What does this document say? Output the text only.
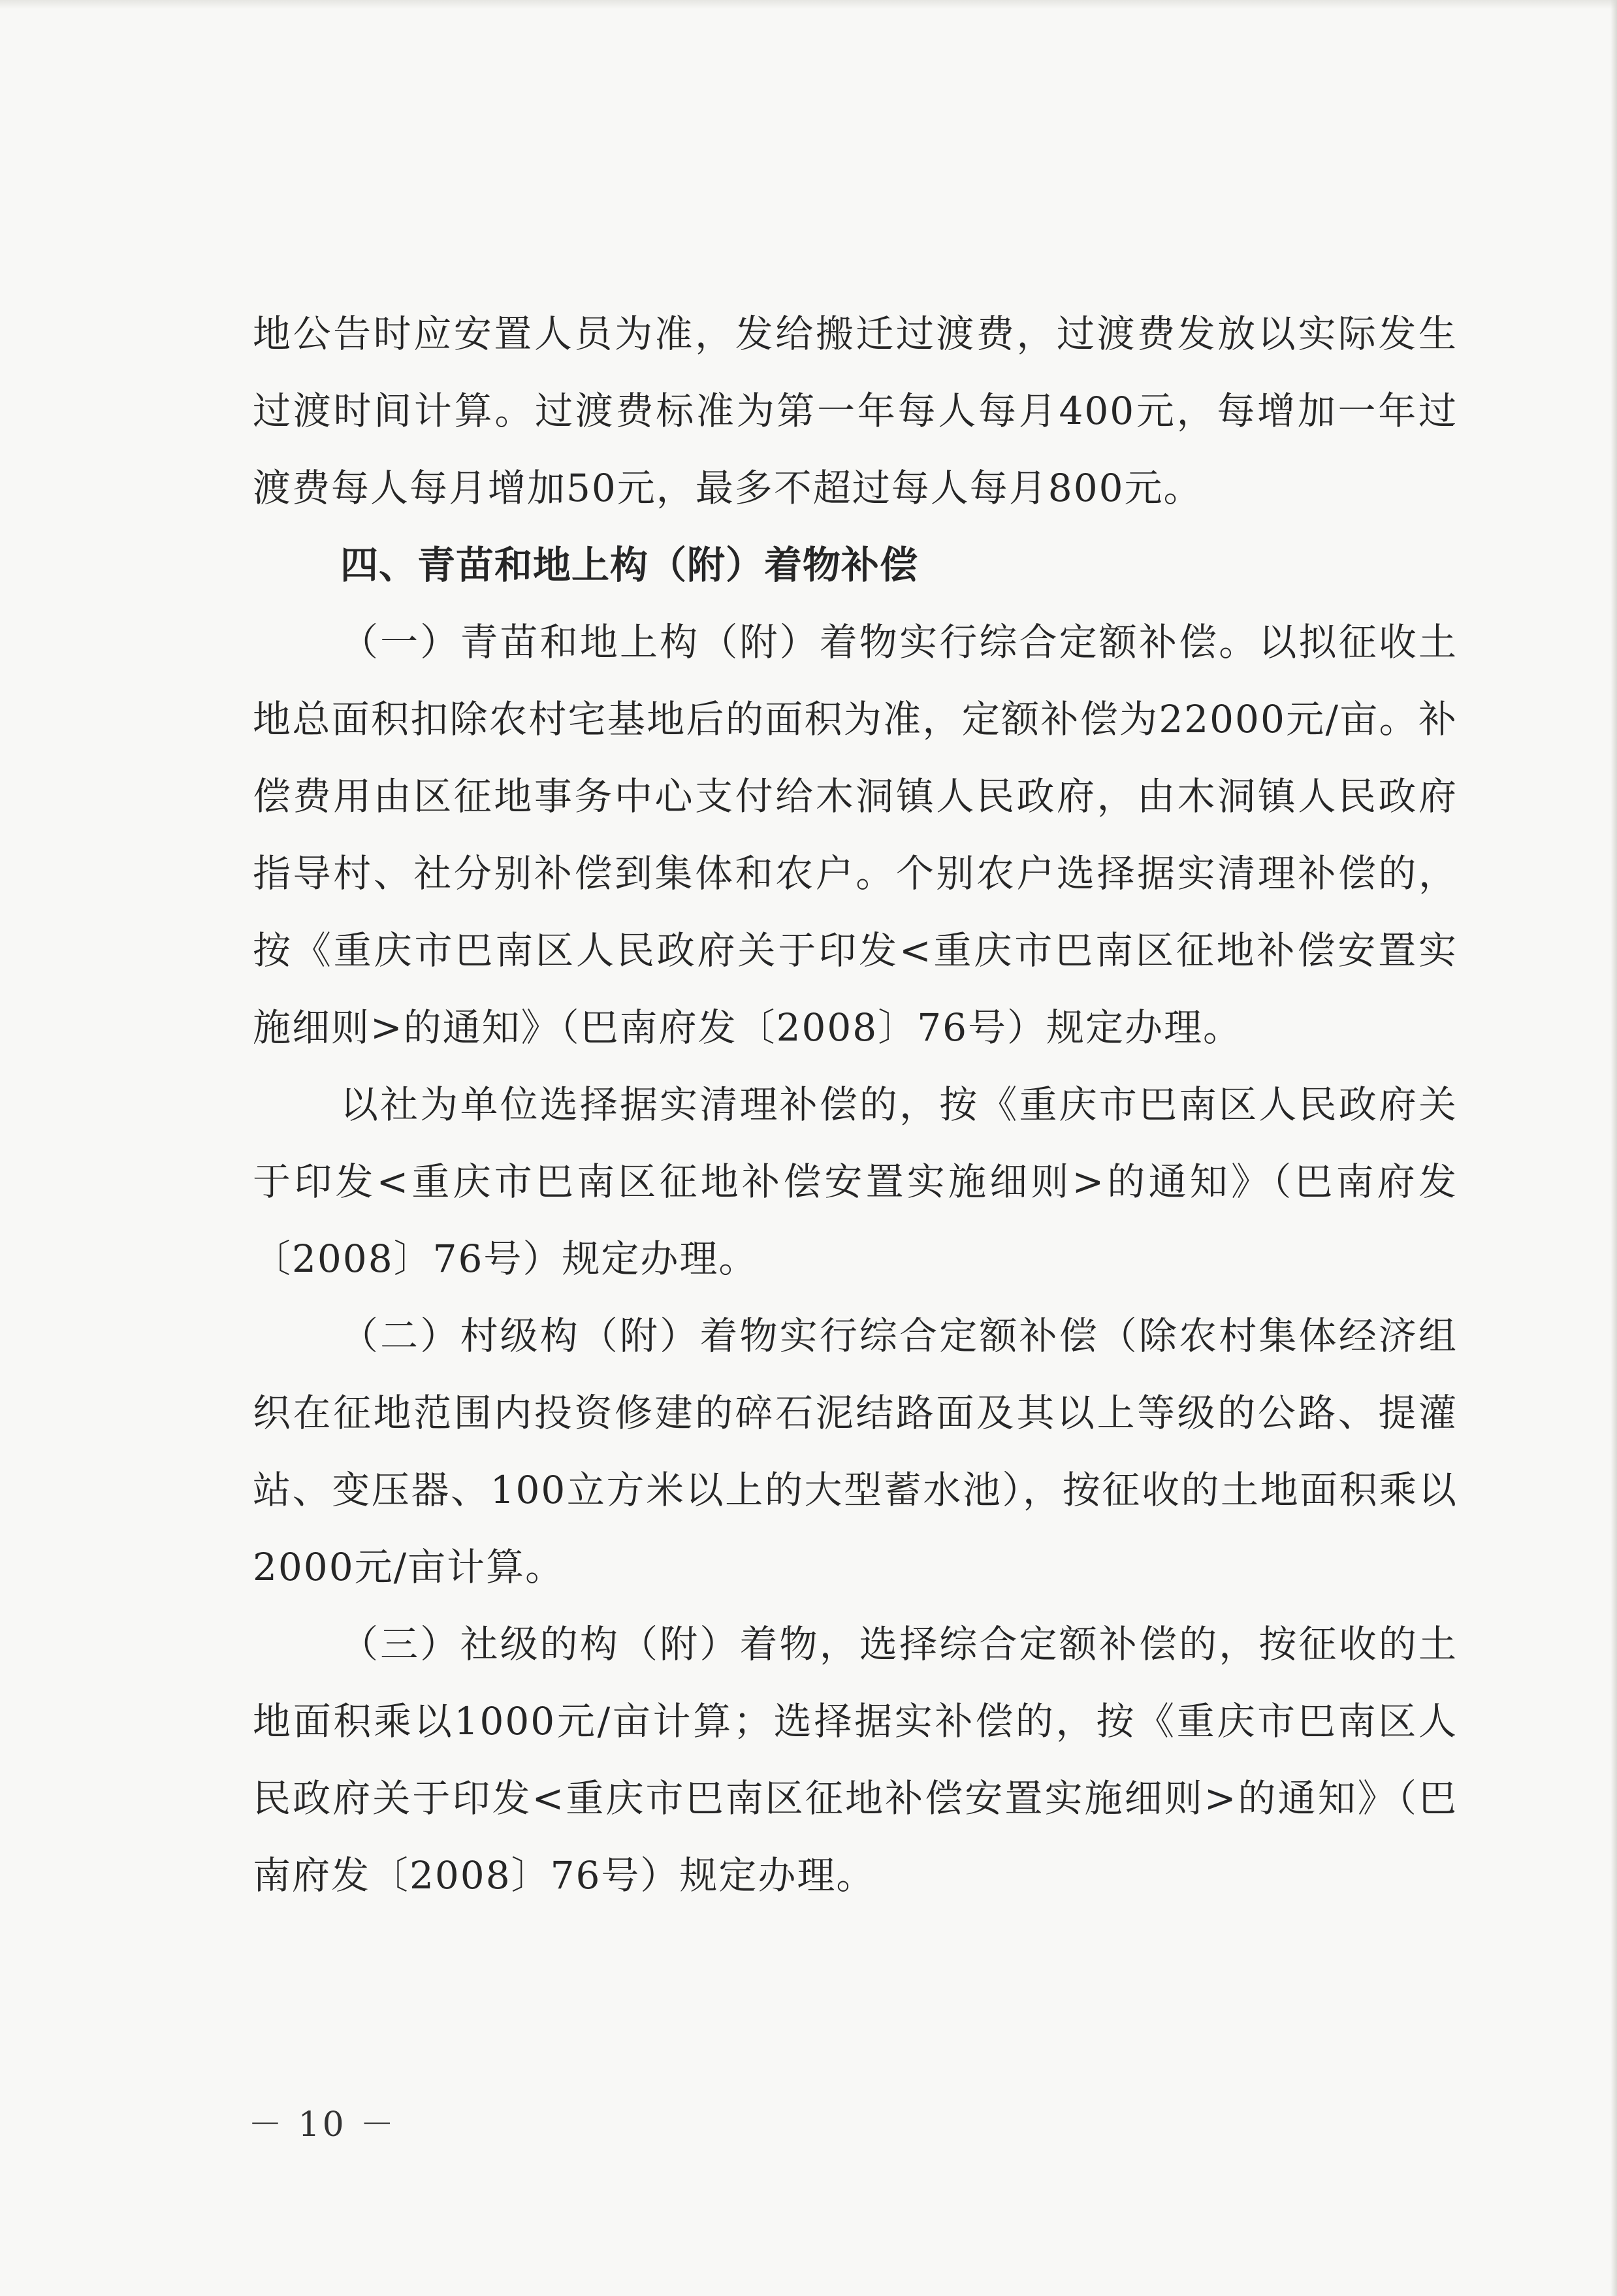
地公告时应安置人员为准，发给搬迁过渡费，过渡费发放以实际发生过渡时间计算。过渡费标准为第一年每人每月400元，每增加一年过渡费每人每月增加50元，最多不超过每人每月800元。

四、青苗和地上构（附）着物补偿

（一）青苗和地上构（附）着物实行综合定额补偿。以拟征收土地总面积扣除农村宅基地后的面积为准，定额补偿为22000元/亩。补偿费用由区征地事务中心支付给木洞镇人民政府，由木洞镇人民政府指导村、社分别补偿到集体和农户。个别农户选择据实清理补偿的，按《重庆市巴南区人民政府关于印发<重庆市巴南区征地补偿安置实施细则>的通知》（巴南府发〔2008〕76号）规定办理。

以社为单位选择据实清理补偿的，按《重庆市巴南区人民政府关于印发<重庆市巴南区征地补偿安置实施细则>的通知》（巴南府发〔2008〕76号）规定办理。

（二）村级构（附）着物实行综合定额补偿（除农村集体经济组织在征地范围内投资修建的碎石泥结路面及其以上等级的公路、提灌站、变压器、100立方米以上的大型蓄水池），按征收的土地面积乘以2000元/亩计算。

（三）社级的构（附）着物，选择综合定额补偿的，按征收的土地面积乘以1000元/亩计算；选择据实补偿的，按《重庆市巴南区人民政府关于印发<重庆市巴南区征地补偿安置实施细则>的通知》（巴南府发〔2008〕76号）规定办理。

－ 10 －
